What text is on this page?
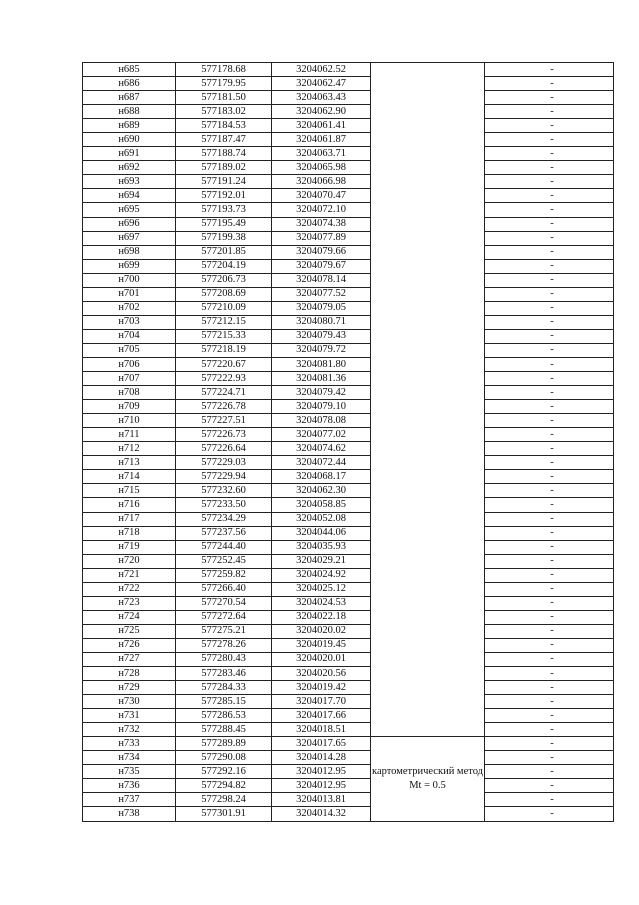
н685	577178.68	3204062.52		-
н686	577179.95	3204062.47		-
н687	577181.50	3204063.43		-
н688	577183.02	3204062.90		-
н689	577184.53	3204061.41		-
н690	577187.47	3204061.87		-
н691	577188.74	3204063.71		-
н692	577189.02	3204065.98		-
н693	577191.24	3204066.98		-
н694	577192.01	3204070.47		-
н695	577193.73	3204072.10		-
н696	577195.49	3204074.38		-
н697	577199.38	3204077.89		-
н698	577201.85	3204079.66		-
н699	577204.19	3204079.67		-
н700	577206.73	3204078.14		-
н701	577208.69	3204077.52		-
н702	577210.09	3204079.05		-
н703	577212.15	3204080.71		-
н704	577215.33	3204079.43		-
н705	577218.19	3204079.72		-
н706	577220.67	3204081.80		-
н707	577222.93	3204081.36		-
н708	577224.71	3204079.42		-
н709	577226.78	3204079.10		-
н710	577227.51	3204078.08		-
н711	577226.73	3204077.02		-
н712	577226.64	3204074.62		-
н713	577229.03	3204072.44		-
н714	577229.94	3204068.17		-
н715	577232.60	3204062.30		-
н716	577233.50	3204058.85		-
н717	577234.29	3204052.08		-
н718	577237.56	3204044.06		-
н719	577244.40	3204035.93		-
н720	577252.45	3204029.21		-
н721	577259.82	3204024.92		-
н722	577266.40	3204025.12		-
н723	577270.54	3204024.53		-
н724	577272.64	3204022.18		-
н725	577275.21	3204020.02		-
н726	577278.26	3204019.45		-
н727	577280.43	3204020.01		-
н728	577283.46	3204020.56		-
н729	577284.33	3204019.42		-
н730	577285.15	3204017.70		-
н731	577286.53	3204017.66		-
н732	577288.45	3204018.51		-
н733	577289.89	3204017.65	картометрический метод Mt = 0.5	-
н734	577290.08	3204014.28		-
н735	577292.16	3204012.95		-
н736	577294.82	3204012.95		-
н737	577298.24	3204013.81		-
н738	577301.91	3204014.32		-
